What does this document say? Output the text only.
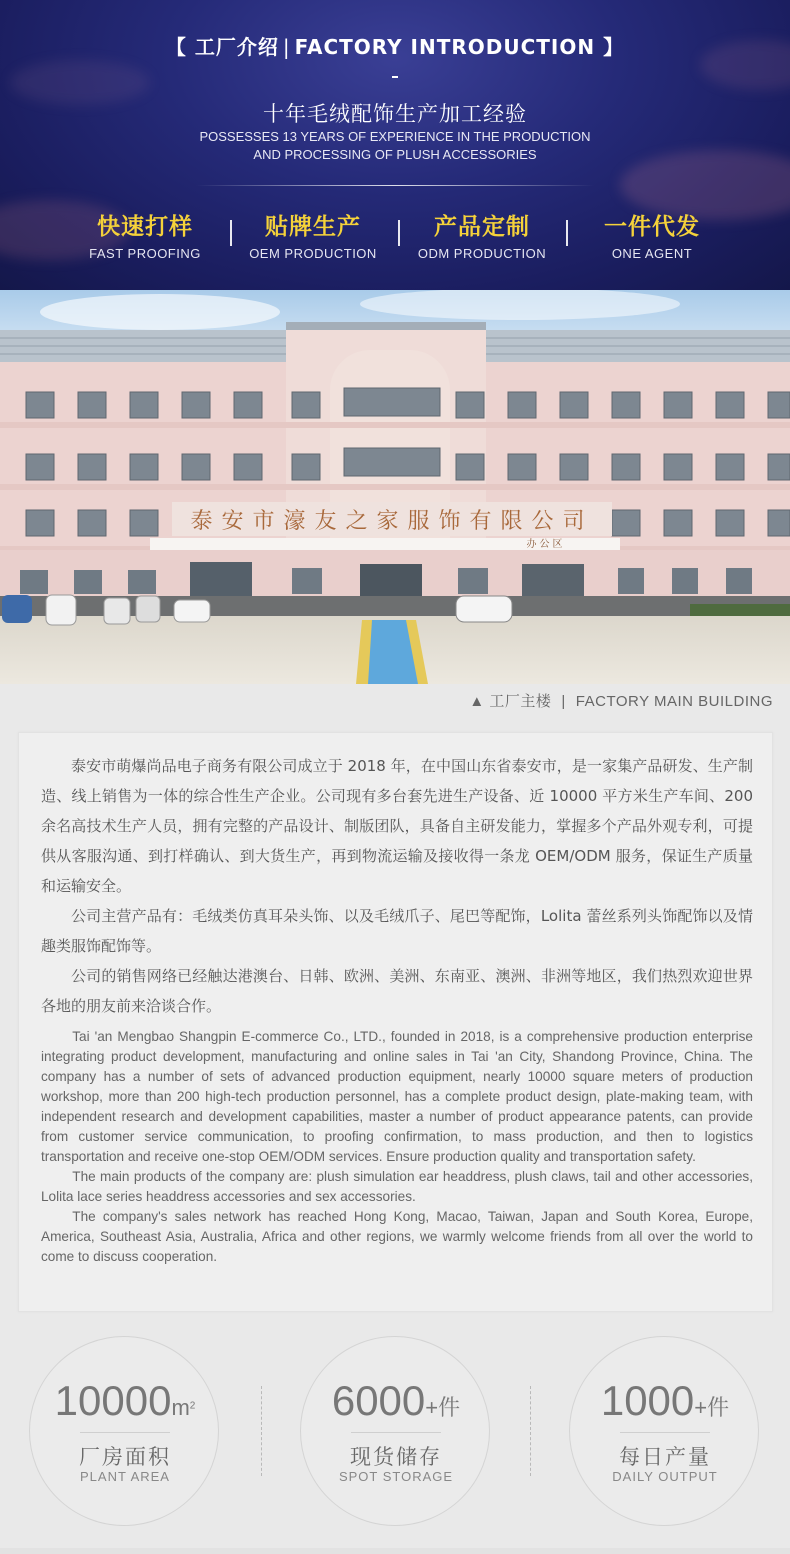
【 工厂介绍 | FACTORY INTRODUCTION 】
十年毛绒配饰生产加工经验
POSSESSES 13 YEARS OF EXPERIENCE IN THE PRODUCTION
AND PROCESSING OF PLUSH ACCESSORIES
快速打样
FAST PROOFING
贴牌生产
OEM PRODUCTION
产品定制
ODM PRODUCTION
一件代发
ONE AGENT
泰安市濠友之家服饰有限公司
办公区
▲ 工厂主楼 | FACTORY MAIN BUILDING

泰安市萌爆尚品电子商务有限公司成立于 2018 年，在中国山东省泰安市，是一家集产品研发、生产制造、线上销售为一体的综合性生产企业。公司现有多台套先进生产设备、近 10000 平方米生产车间、200 余名高技术生产人员，拥有完整的产品设计、制版团队，具备自主研发能力，掌握多个产品外观专利，可提供从客服沟通、到打样确认、到大货生产，再到物流运输及接收得一条龙 OEM/ODM 服务，保证生产质量和运输安全。

公司主营产品有：毛绒类仿真耳朵头饰、以及毛绒爪子、尾巴等配饰，Lolita 蕾丝系列头饰配饰以及情趣类服饰配饰等。

公司的销售网络已经触达港澳台、日韩、欧洲、美洲、东南亚、澳洲、非洲等地区，我们热烈欢迎世界各地的朋友前来洽谈合作。

Tai 'an Mengbao Shangpin E-commerce Co., LTD., founded in 2018, is a comprehensive production enterprise integrating product development, manufacturing and online sales in Tai 'an City, Shandong Province, China. The company has a number of sets of advanced production equipment, nearly 10000 square meters of production workshop, more than 200 high-tech production personnel, has a complete product design, plate-making team, with independent research and development capabilities, master a number of product appearance patents, can provide from customer service communication, to proofing confirmation, to mass production, and then to logistics transportation and receive one-stop OEM/ODM services. Ensure production quality and transportation safety.

The main products of the company are: plush simulation ear headdress, plush claws, tail and other accessories, Lolita lace series headdress accessories and sex accessories.

The company's sales network has reached Hong Kong, Macao, Taiwan, Japan and South Korea, Europe, America, Southeast Asia, Australia, Africa and other regions, we warmly welcome friends from all over the world to come to discuss cooperation.

$10000m^2$
厂房面积
PLANT AREA
6000+件
现货储存
SPOT STORAGE
1000+件
每日产量
DAILY OUTPUT
